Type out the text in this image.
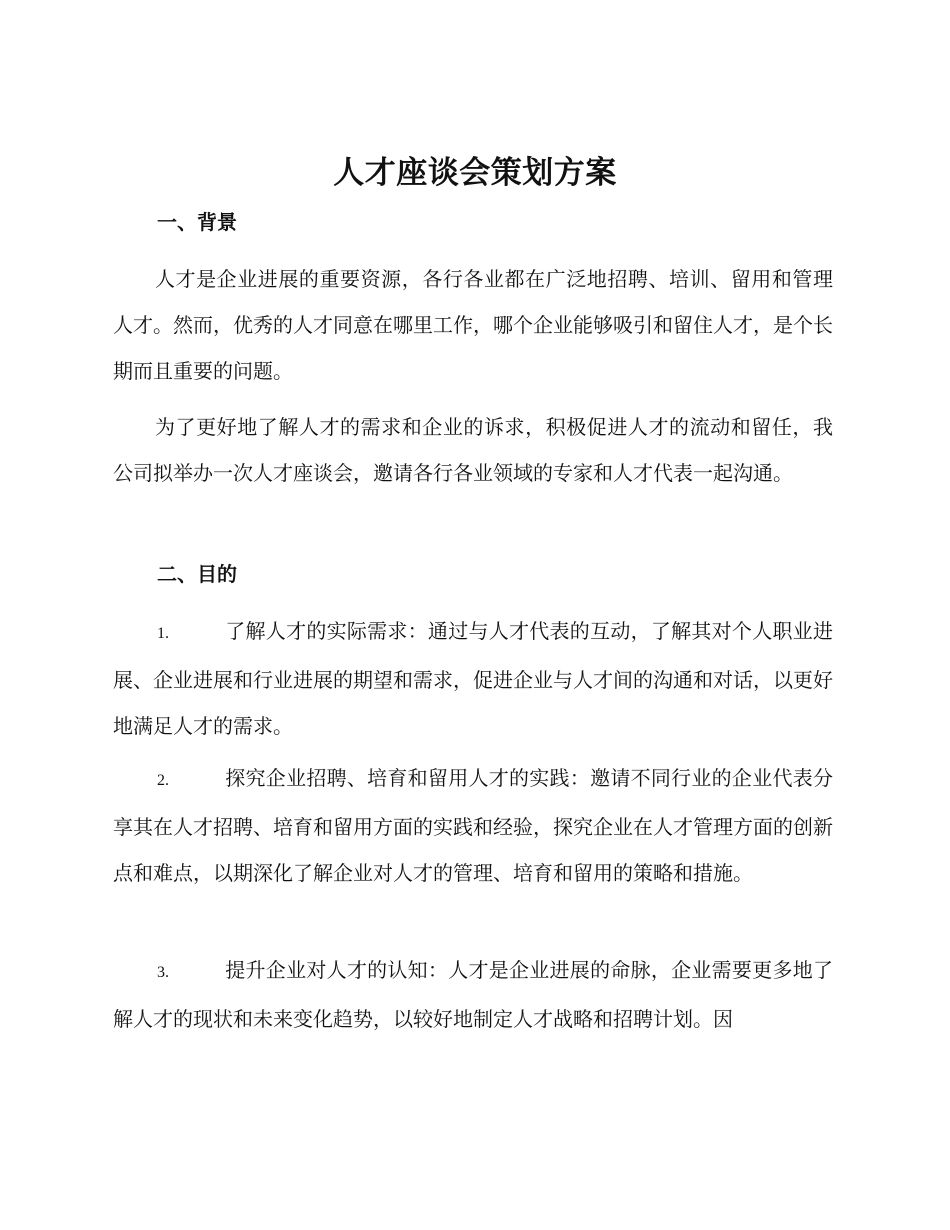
人才座谈会策划方案
一、背景

人才是企业进展的重要资源，各行各业都在广泛地招聘、培训、留用和管理人才。然而，优秀的人才同意在哪里工作，哪个企业能够吸引和留住人才，是个长期而且重要的问题。

为了更好地了解人才的需求和企业的诉求，积极促进人才的流动和留任，我公司拟举办一次人才座谈会，邀请各行各业领域的专家和人才代表一起沟通。

二、目的

1.	了解人才的实际需求：通过与人才代表的互动，了解其对个人职业进展、企业进展和行业进展的期望和需求，促进企业与人才间的沟通和对话，以更好地满足人才的需求。

2.	探究企业招聘、培育和留用人才的实践：邀请不同行业的企业代表分享其在人才招聘、培育和留用方面的实践和经验，探究企业在人才管理方面的创新点和难点，以期深化了解企业对人才的管理、培育和留用的策略和措施。

3.	提升企业对人才的认知：人才是企业进展的命脉，企业需要更多地了解人才的现状和未来变化趋势，以较好地制定人才战略和招聘计划。因
